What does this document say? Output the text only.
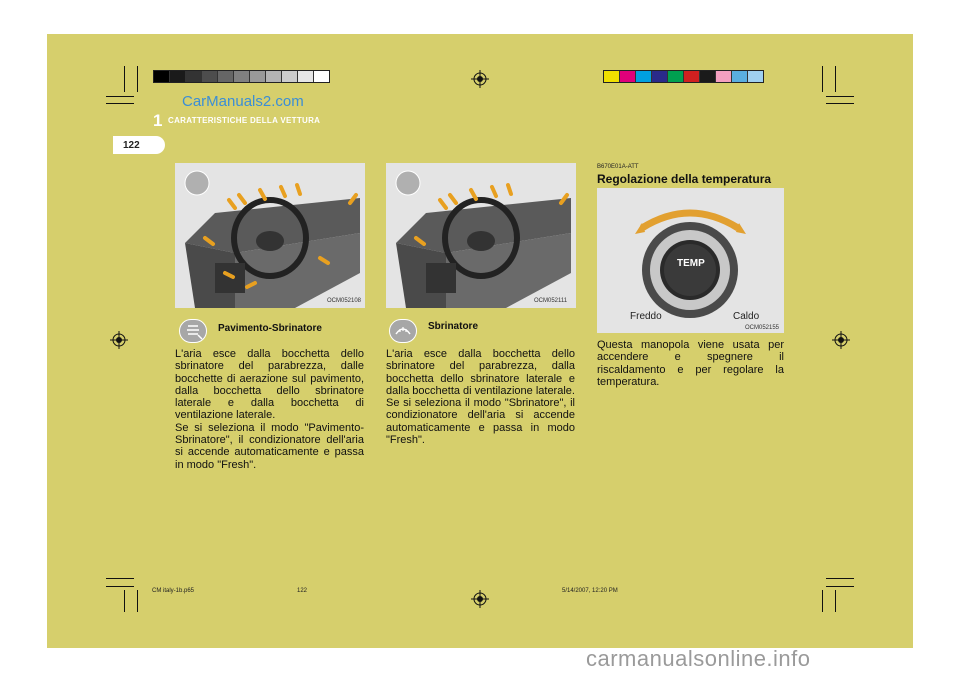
CarManuals2.com
1 CARATTERISTICHE DELLA VETTURA
122
OCM052108
Pavimento-Sbrinatore

L'aria esce dalla bocchetta dello sbrinatore del parabrezza, dalle bocchette di aerazione sul pavimento, dalla bocchetta dello sbrinatore laterale e dalla bocchetta di ventilazione laterale.
Se si seleziona il modo "Pavimento-Sbrinatore", il condizionatore dell'aria si accende automaticamente e passa in modo "Fresh".

OCM052111
Sbrinatore

L'aria esce dalla bocchetta dello sbrinatore del parabrezza, dalla bocchetta dello sbrinatore laterale e dalla bocchetta di ventilazione laterale.
Se si seleziona il modo "Sbrinatore", il condizionatore dell'aria si accende automaticamente e passa in modo "Fresh".

B670E01A-ATT
Regolazione della temperatura
TEMP
Freddo	Caldo
OCM052155

Questa manopola viene usata per accendere e spegnere il riscaldamento e per regolare la temperatura.

CM italy-1b.p65	122	5/14/2007, 12:20 PM
carmanualsonline.info
